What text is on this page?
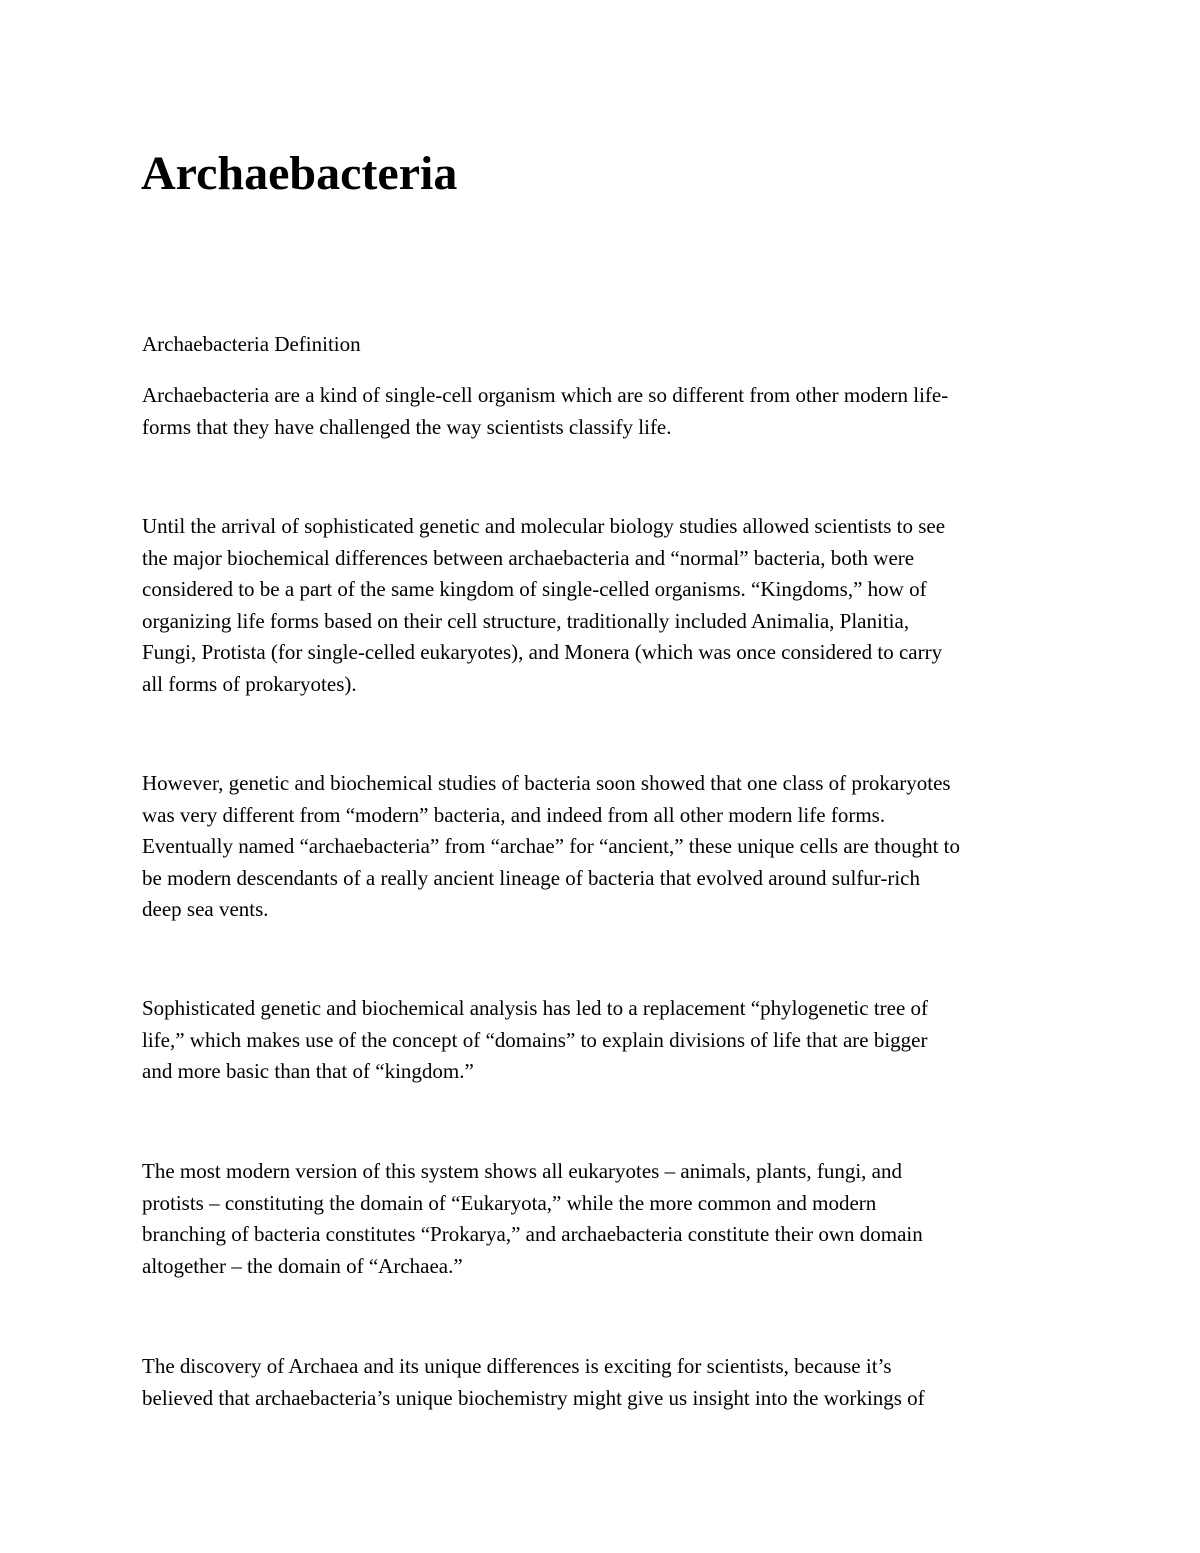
Archaebacteria

Archaebacteria Definition

Archaebacteria are a kind of single-cell organism which are so different from other modern life-
forms that they have challenged the way scientists classify life.

Until the arrival of sophisticated genetic and molecular biology studies allowed scientists to see
the major biochemical differences between archaebacteria and “normal” bacteria, both were
considered to be a part of the same kingdom of single-celled organisms. “Kingdoms,” how of
organizing life forms based on their cell structure, traditionally included Animalia, Planitia,
Fungi, Protista (for single-celled eukaryotes), and Monera (which was once considered to carry
all forms of prokaryotes).

However, genetic and biochemical studies of bacteria soon showed that one class of prokaryotes
was very different from “modern” bacteria, and indeed from all other modern life forms.
Eventually named “archaebacteria” from “archae” for “ancient,” these unique cells are thought to
be modern descendants of a really ancient lineage of bacteria that evolved around sulfur-rich
deep sea vents.

Sophisticated genetic and biochemical analysis has led to a replacement “phylogenetic tree of
life,” which makes use of the concept of “domains” to explain divisions of life that are bigger
and more basic than that of “kingdom.”

The most modern version of this system shows all eukaryotes – animals, plants, fungi, and
protists – constituting the domain of “Eukaryota,” while the more common and modern
branching of bacteria constitutes “Prokarya,” and archaebacteria constitute their own domain
altogether – the domain of “Archaea.”

The discovery of Archaea and its unique differences is exciting for scientists, because it’s
believed that archaebacteria’s unique biochemistry might give us insight into the workings of
